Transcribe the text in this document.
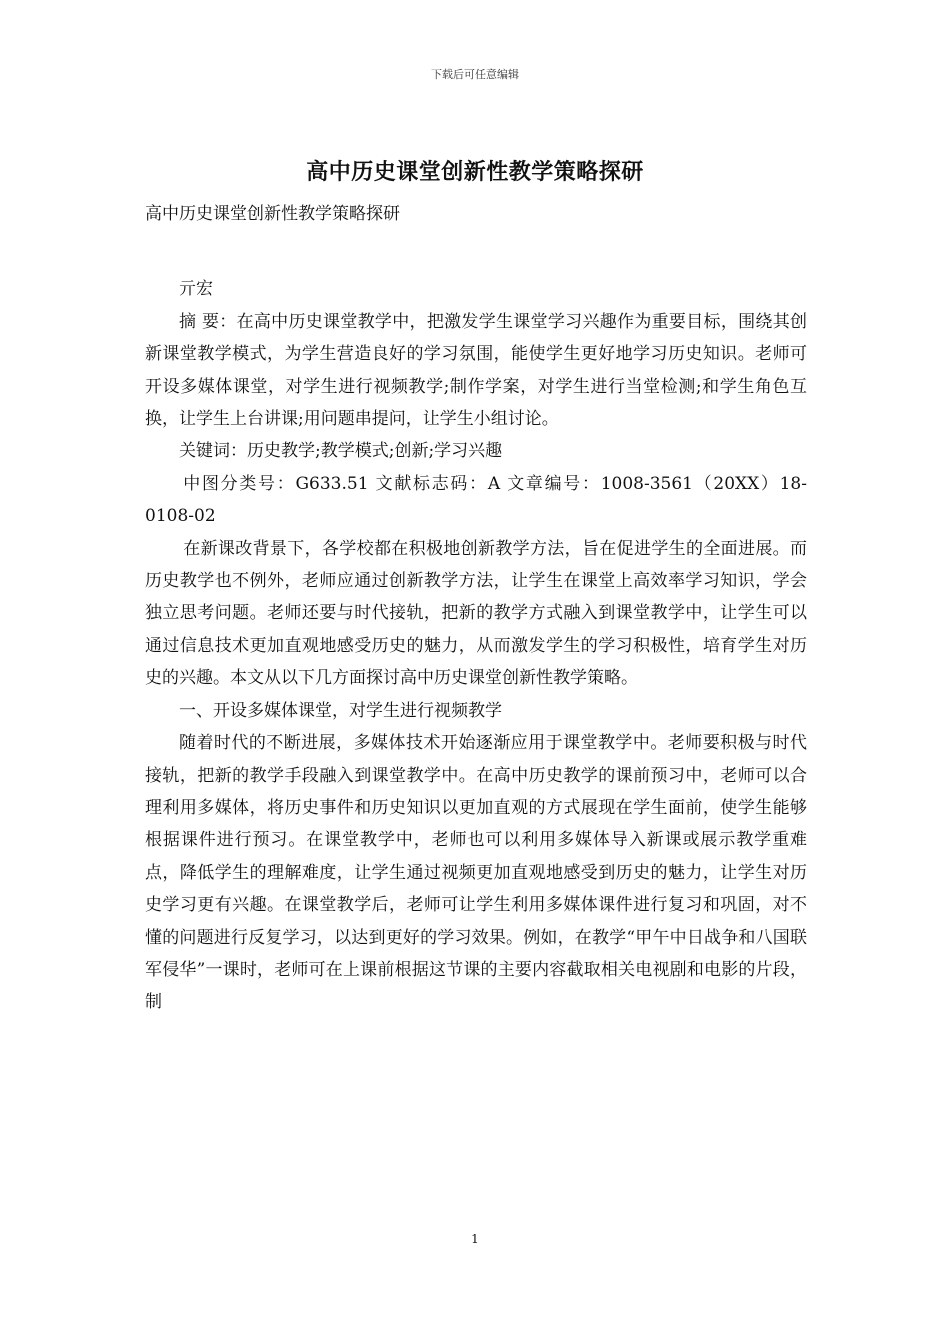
下载后可任意编辑
高中历史课堂创新性教学策略探研

高中历史课堂创新性教学策略探研

亓宏

摘 要：在高中历史课堂教学中，把激发学生课堂学习兴趣作为重要目标，围绕其创新课堂教学模式，为学生营造良好的学习氛围，能使学生更好地学习历史知识。老师可开设多媒体课堂，对学生进行视频教学;制作学案，对学生进行当堂检测;和学生角色互换，让学生上台讲课;用问题串提问，让学生小组讨论。

关键词：历史教学;教学模式;创新;学习兴趣

中图分类号：G633.51 文献标志码：A 文章编号：1008-3561（20XX）18-0108-02

在新课改背景下，各学校都在积极地创新教学方法，旨在促进学生的全面进展。而历史教学也不例外，老师应通过创新教学方法，让学生在课堂上高效率学习知识，学会独立思考问题。老师还要与时代接轨，把新的教学方式融入到课堂教学中，让学生可以通过信息技术更加直观地感受历史的魅力，从而激发学生的学习积极性，培育学生对历史的兴趣。本文从以下几方面探讨高中历史课堂创新性教学策略。

一、开设多媒体课堂，对学生进行视频教学

随着时代的不断进展，多媒体技术开始逐渐应用于课堂教学中。老师要积极与时代接轨，把新的教学手段融入到课堂教学中。在高中历史教学的课前预习中，老师可以合理利用多媒体，将历史事件和历史知识以更加直观的方式展现在学生面前，使学生能够根据课件进行预习。在课堂教学中，老师也可以利用多媒体导入新课或展示教学重难点，降低学生的理解难度，让学生通过视频更加直观地感受到历史的魅力，让学生对历史学习更有兴趣。在课堂教学后，老师可让学生利用多媒体课件进行复习和巩固，对不懂的问题进行反复学习，以达到更好的学习效果。例如，在教学“甲午中日战争和八国联军侵华”一课时，老师可在上课前根据这节课的主要内容截取相关电视剧和电影的片段，制

1
